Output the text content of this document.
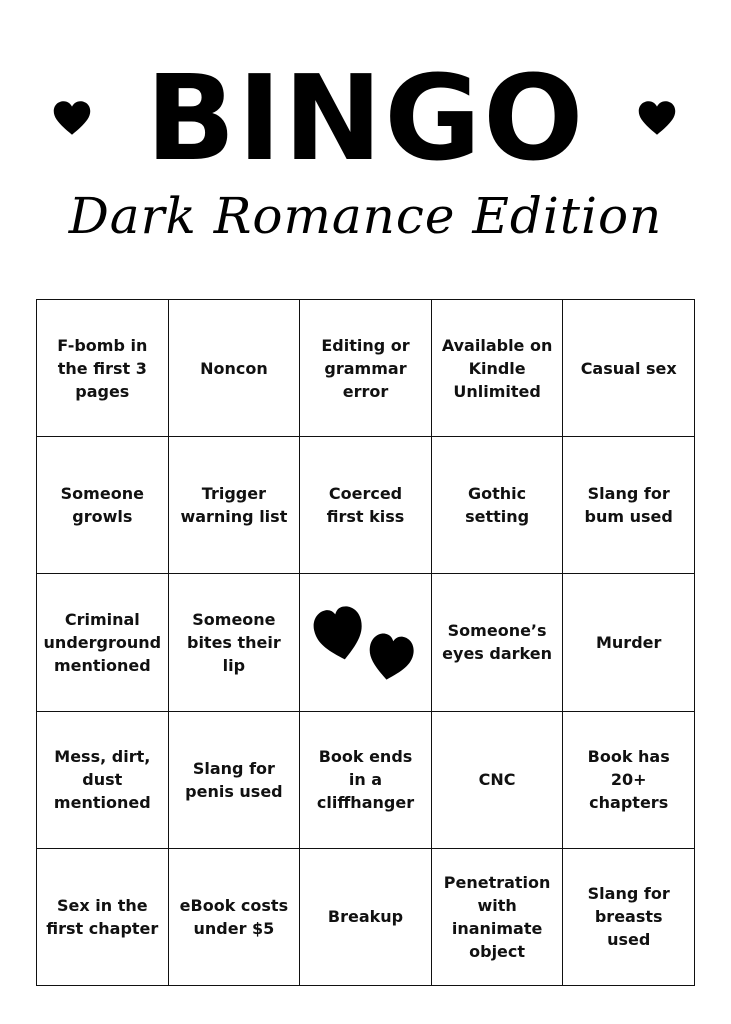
BINGO
Dark Romance Edition
F-bomb in the first 3 pages
Noncon
Editing or grammar error
Available on Kindle Unlimited
Casual sex
Someone growls
Trigger warning list
Coerced first kiss
Gothic setting
Slang for bum used
Criminal underground mentioned
Someone bites their lip
Someone’s eyes darken
Murder
Mess, dirt, dust mentioned
Slang for penis used
Book ends in a cliffhanger
CNC
Book has 20+ chapters
Sex in the first chapter
eBook costs under $5
Breakup
Penetration with inanimate object
Slang for breasts used
